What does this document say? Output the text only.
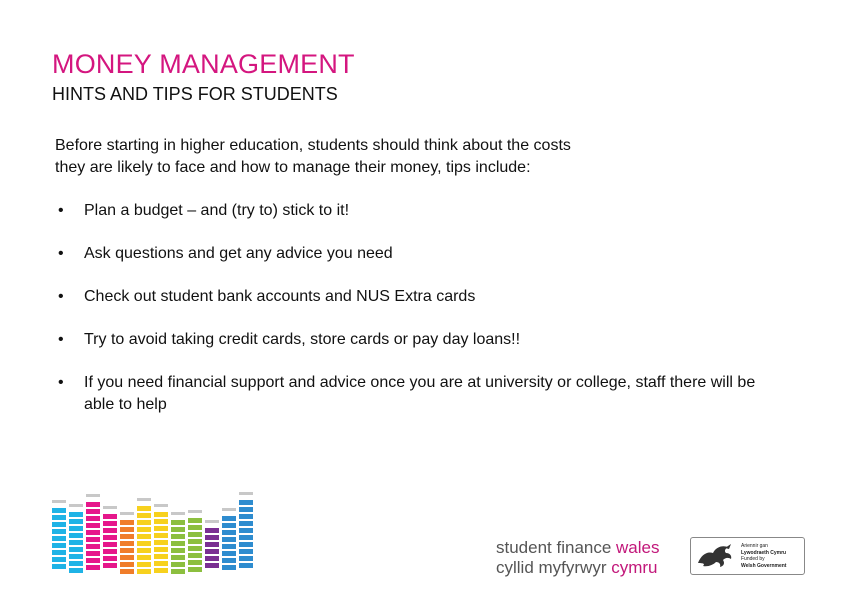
MONEY MANAGEMENT
HINTS AND TIPS FOR STUDENTS
Before starting in higher education, students should think about the costs
they are likely to face and how to manage their money, tips include:
•	Plan a budget – and (try to) stick to it!
•	Ask questions and get any advice you need
•	Check out student bank accounts and NUS Extra cards
•	Try to avoid taking credit cards, store cards or pay day loans!!
•	If you need financial support and advice once you are at university or college, staff there will be able to help
student finance wales
cyllid myfyrwyr cymru
Ariennir gan
Lywodraeth Cymru
Funded by
Welsh Government
